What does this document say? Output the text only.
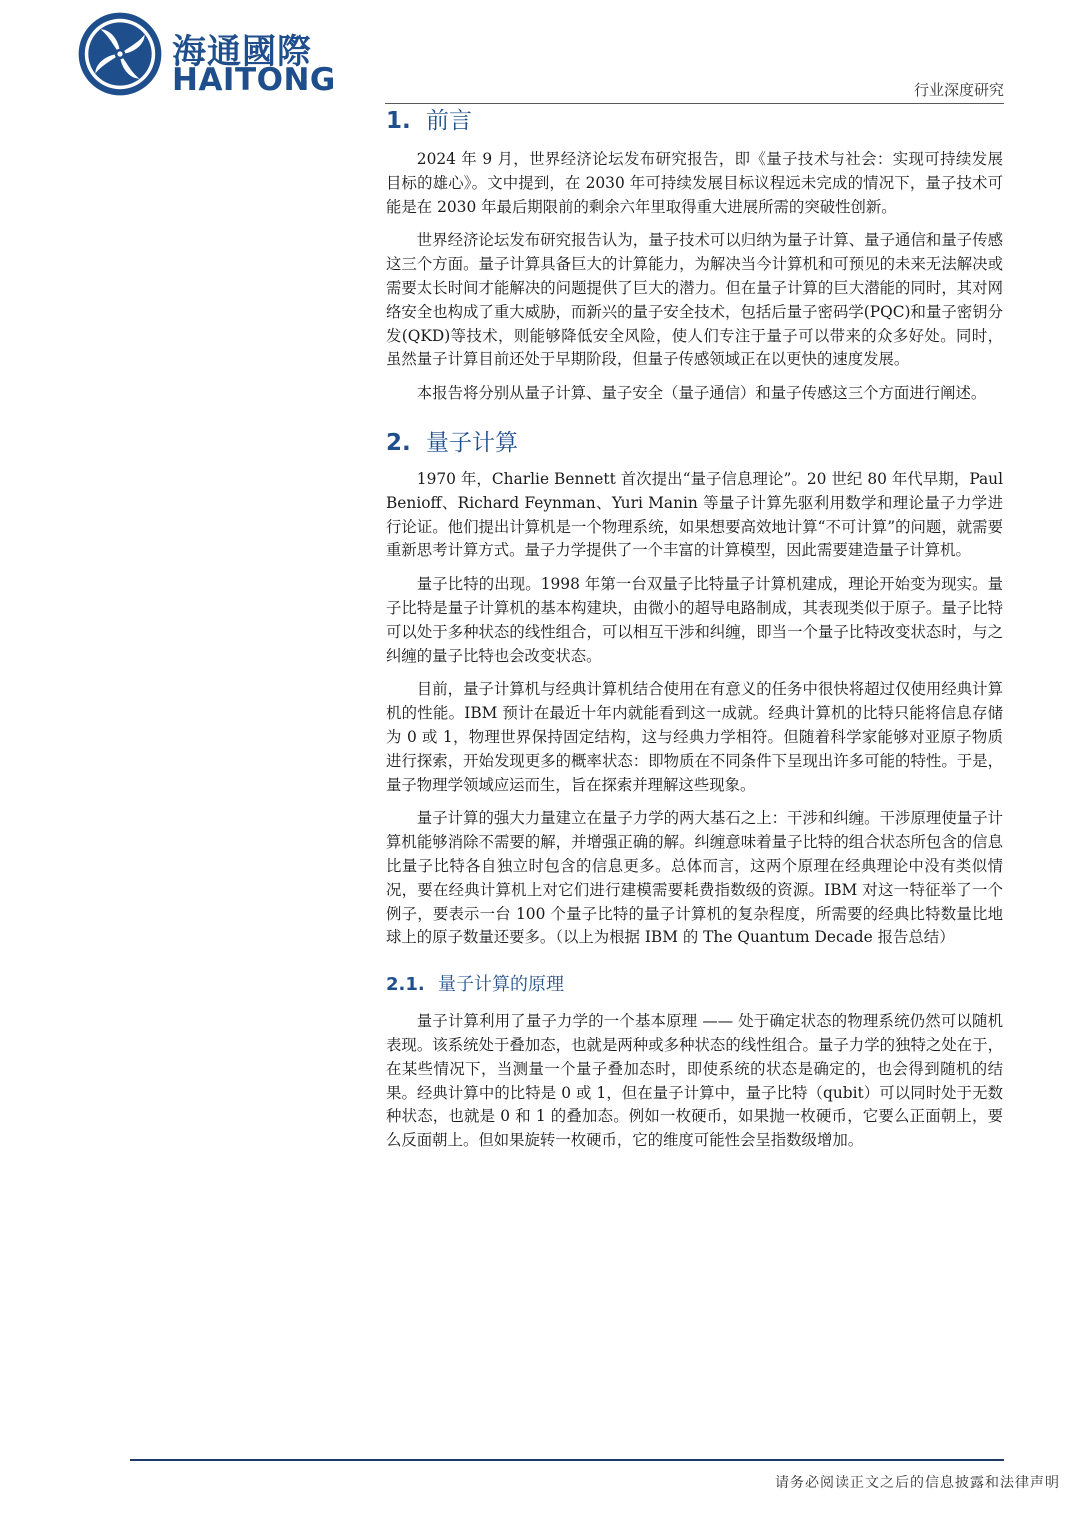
海通國際
HAITONG	行业深度研究
1. 前言

2024 年 9 月，世界经济论坛发布研究报告，即《量子技术与社会：实现可持续发展目标的雄心》。文中提到，在 2030 年可持续发展目标议程远未完成的情况下，量子技术可能是在 2030 年最后期限前的剩余六年里取得重大进展所需的突破性创新。

世界经济论坛发布研究报告认为，量子技术可以归纳为量子计算、量子通信和量子传感这三个方面。量子计算具备巨大的计算能力，为解决当今计算机和可预见的未来无法解决或需要太长时间才能解决的问题提供了巨大的潜力。但在量子计算的巨大潜能的同时，其对网络安全也构成了重大威胁，而新兴的量子安全技术，包括后量子密码学(PQC)和量子密钥分发(QKD)等技术，则能够降低安全风险，使人们专注于量子可以带来的众多好处。同时，虽然量子计算目前还处于早期阶段，但量子传感领域正在以更快的速度发展。

本报告将分别从量子计算、量子安全（量子通信）和量子传感这三个方面进行阐述。

2. 量子计算

1970 年，Charlie Bennett 首次提出“量子信息理论”。20 世纪 80 年代早期，Paul Benioff、Richard Feynman、Yuri Manin 等量子计算先驱利用数学和理论量子力学进行论证。他们提出计算机是一个物理系统，如果想要高效地计算“不可计算”的问题，就需要重新思考计算方式。量子力学提供了一个丰富的计算模型，因此需要建造量子计算机。

量子比特的出现。1998 年第一台双量子比特量子计算机建成，理论开始变为现实。量子比特是量子计算机的基本构建块，由微小的超导电路制成，其表现类似于原子。量子比特可以处于多种状态的线性组合，可以相互干涉和纠缠，即当一个量子比特改变状态时，与之纠缠的量子比特也会改变状态。

目前，量子计算机与经典计算机结合使用在有意义的任务中很快将超过仅使用经典计算机的性能。IBM 预计在最近十年内就能看到这一成就。经典计算机的比特只能将信息存储为 0 或 1，物理世界保持固定结构，这与经典力学相符。但随着科学家能够对亚原子物质进行探索，开始发现更多的概率状态：即物质在不同条件下呈现出许多可能的特性。于是，量子物理学领域应运而生，旨在探索并理解这些现象。

量子计算的强大力量建立在量子力学的两大基石之上：干涉和纠缠。干涉原理使量子计算机能够消除不需要的解，并增强正确的解。纠缠意味着量子比特的组合状态所包含的信息比量子比特各自独立时包含的信息更多。总体而言，这两个原理在经典理论中没有类似情况，要在经典计算机上对它们进行建模需要耗费指数级的资源。IBM 对这一特征举了一个例子，要表示一台 100 个量子比特的量子计算机的复杂程度，所需要的经典比特数量比地球上的原子数量还要多。（以上为根据 IBM 的 The Quantum Decade 报告总结）

2.1. 量子计算的原理

量子计算利用了量子力学的一个基本原理 —— 处于确定状态的物理系统仍然可以随机表现。该系统处于叠加态，也就是两种或多种状态的线性组合。量子力学的独特之处在于，在某些情况下，当测量一个量子叠加态时，即使系统的状态是确定的，也会得到随机的结果。经典计算中的比特是 0 或 1，但在量子计算中，量子比特（qubit）可以同时处于无数种状态，也就是 0 和 1 的叠加态。例如一枚硬币，如果抛一枚硬币，它要么正面朝上，要么反面朝上。但如果旋转一枚硬币，它的维度可能性会呈指数级增加。

请务必阅读正文之后的信息披露和法律声明
